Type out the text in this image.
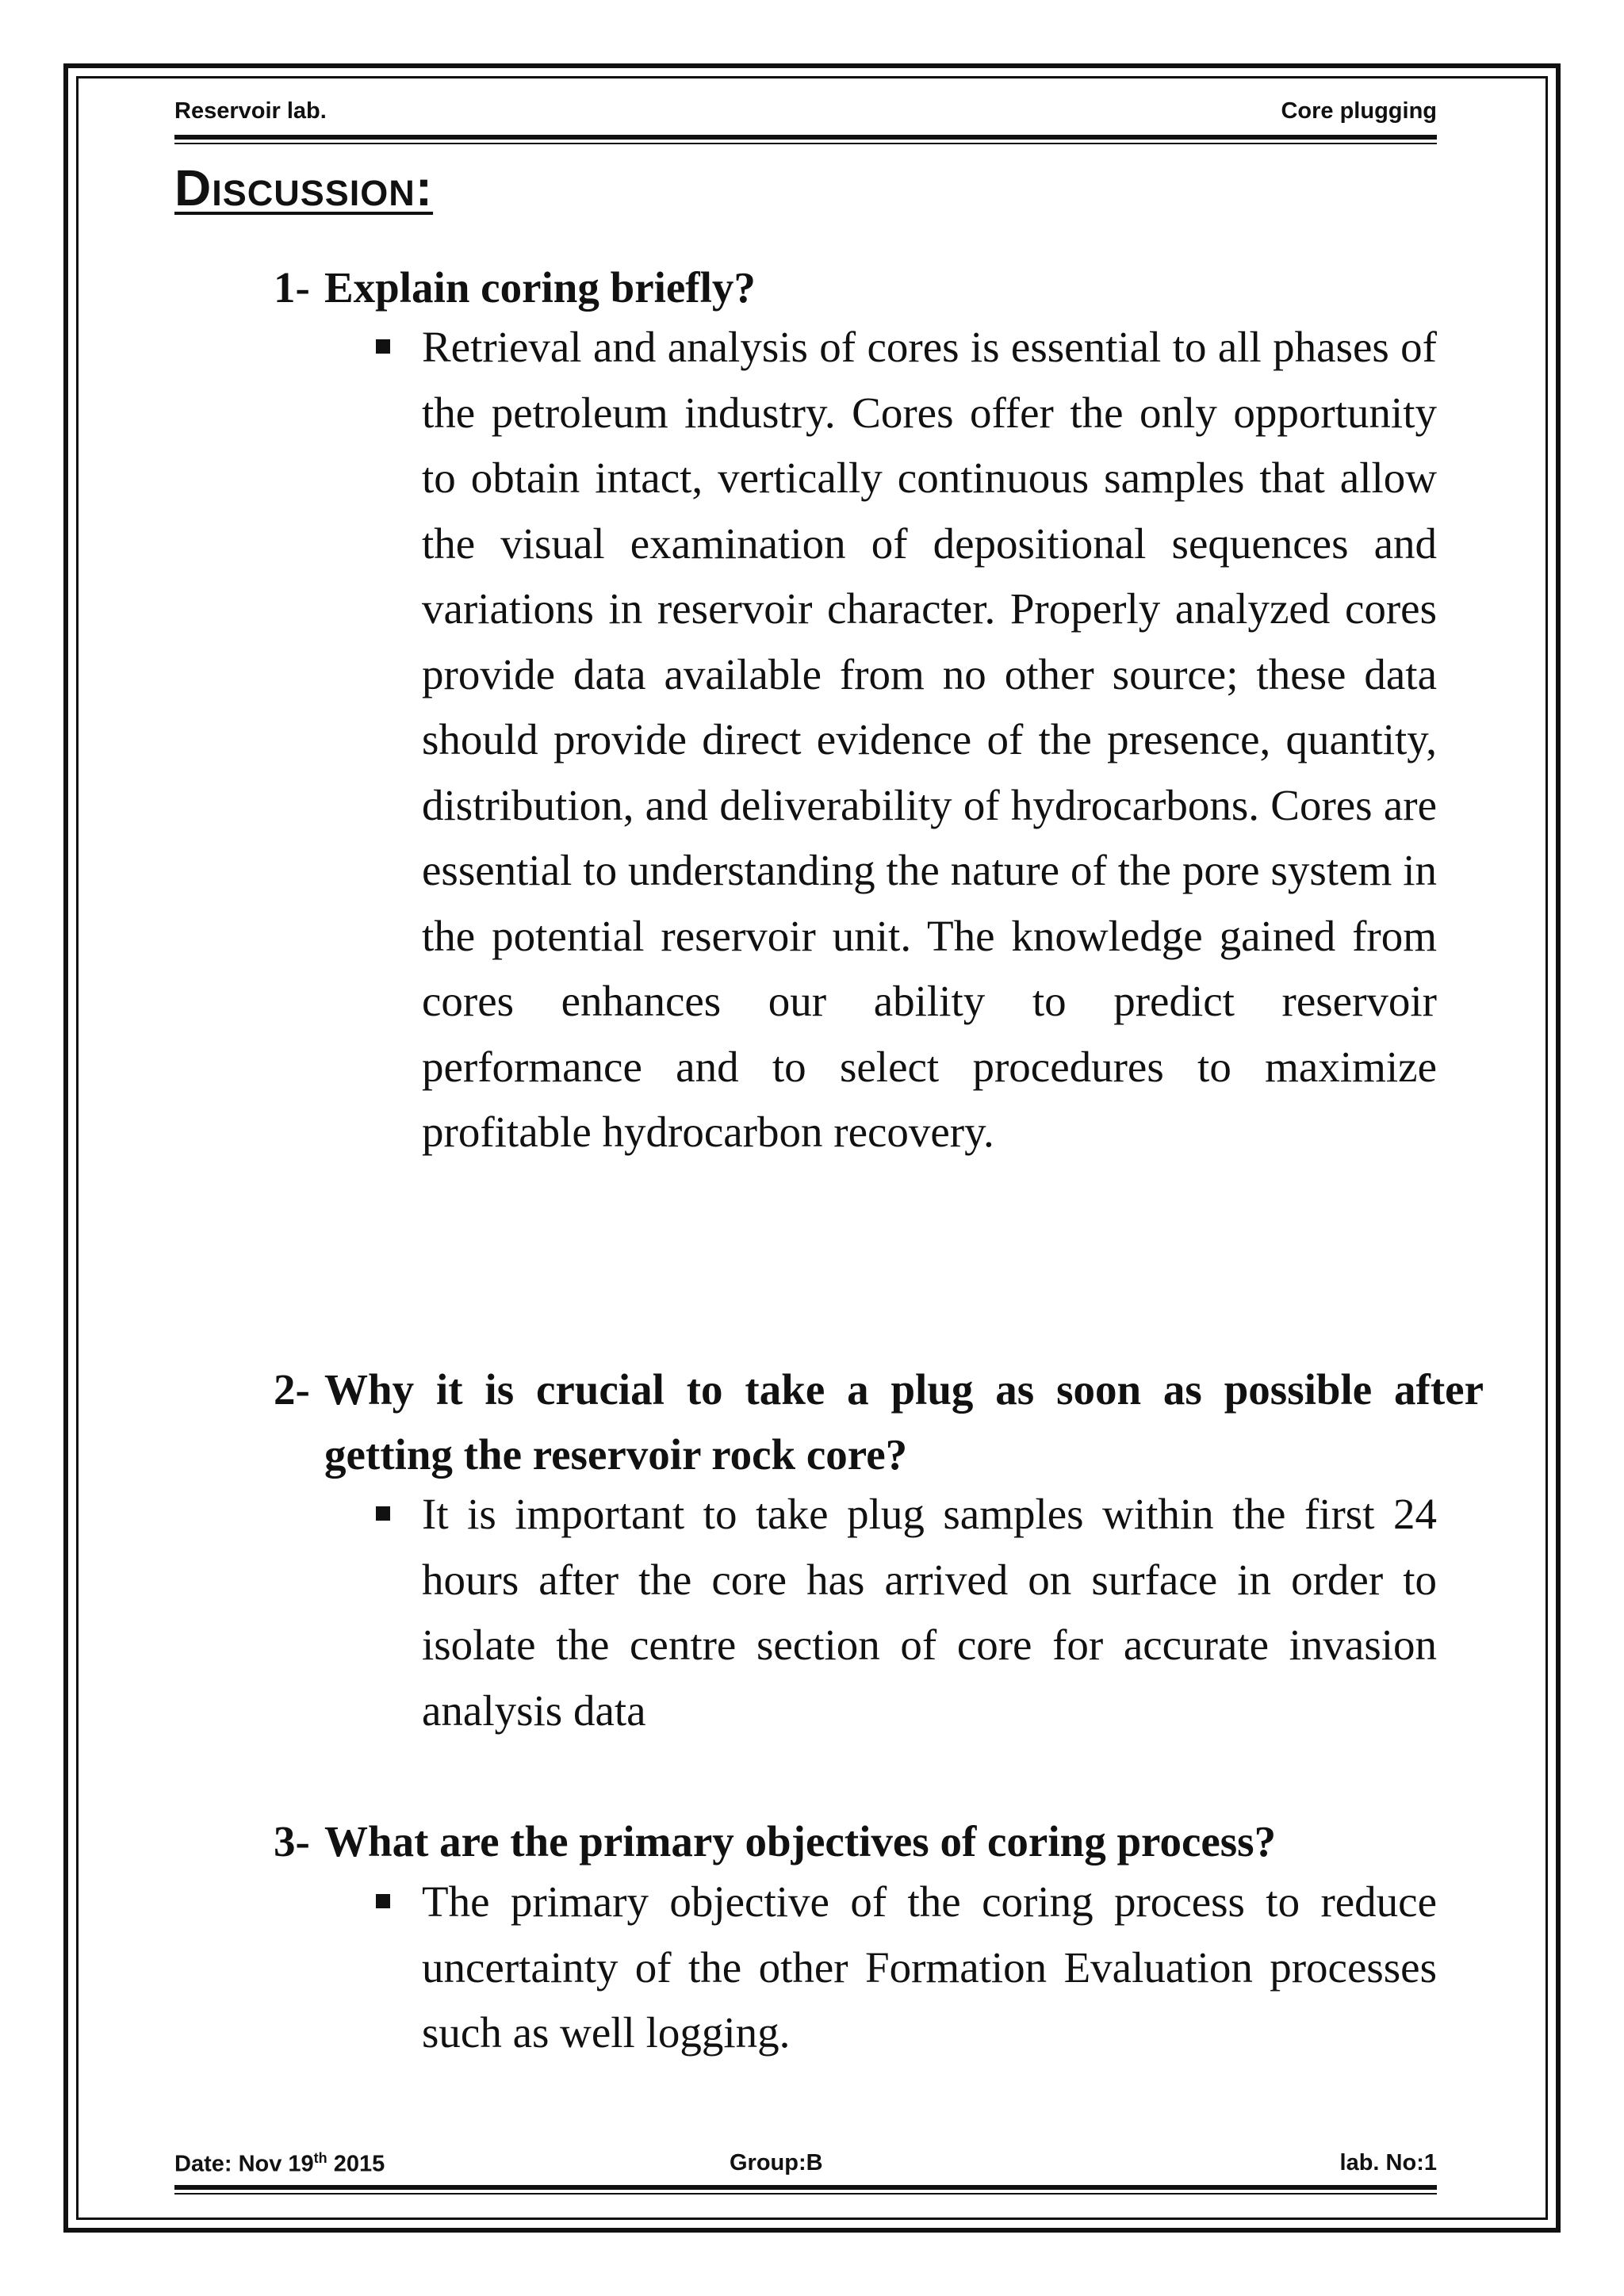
Reservoir lab.	Core plugging
Discussion:
1- Explain coring briefly?
Retrieval and analysis of cores is essential to all phases of the petroleum industry. Cores offer the only opportunity to obtain intact, vertically continuous samples that allow the visual examination of depositional sequences and variations in reservoir character. Properly analyzed cores provide data available from no other source; these data should provide direct evidence of the presence, quantity, distribution, and deliverability of hydrocarbons. Cores are essential to understanding the nature of the pore system in the potential reservoir unit. The knowledge gained from cores enhances our ability to predict reservoir performance and to select procedures to maximize profitable hydrocarbon recovery.
2- Why it is crucial to take a plug as soon as possible after getting the reservoir rock core?
It is important to take plug samples within the first 24 hours after the core has arrived on surface in order to isolate the centre section of core for accurate invasion analysis data
3- What are the primary objectives of coring process?
The primary objective of the coring process to reduce uncertainty of the other Formation Evaluation processes such as well logging.
Date: Nov 19th 2015	Group:B	lab. No:1
